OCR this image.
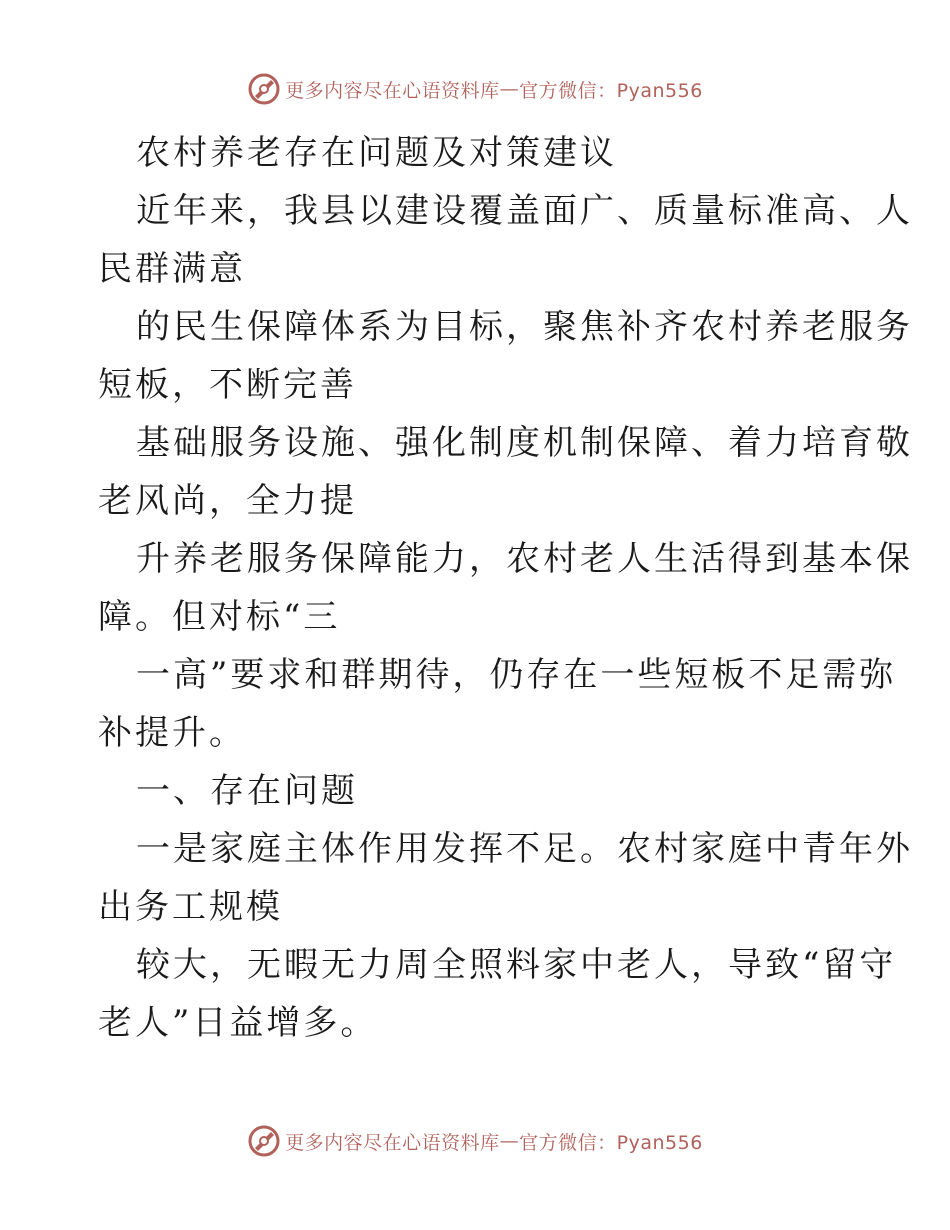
更多内容尽在心语资料库 — 官方微信：Pyan556

农村养老存在问题及对策建议

近年来，我县以建设覆盖面广、质量标准高、人
民群满意

的民生保障体系为目标，聚焦补齐农村养老服务
短板，不断完善

基础服务设施、强化制度机制保障、着力培育敬
老风尚，全力提

升养老服务保障能力，农村老人生活得到基本保
障。但对标“三

一高”要求和群期待，仍存在一些短板不足需弥
补提升。

一、存在问题

一是家庭主体作用发挥不足。农村家庭中青年外
出务工规模

较大，无暇无力周全照料家中老人，导致“留守
老人”日益增多。

更多内容尽在心语资料库 — 官方微信：Pyan556
